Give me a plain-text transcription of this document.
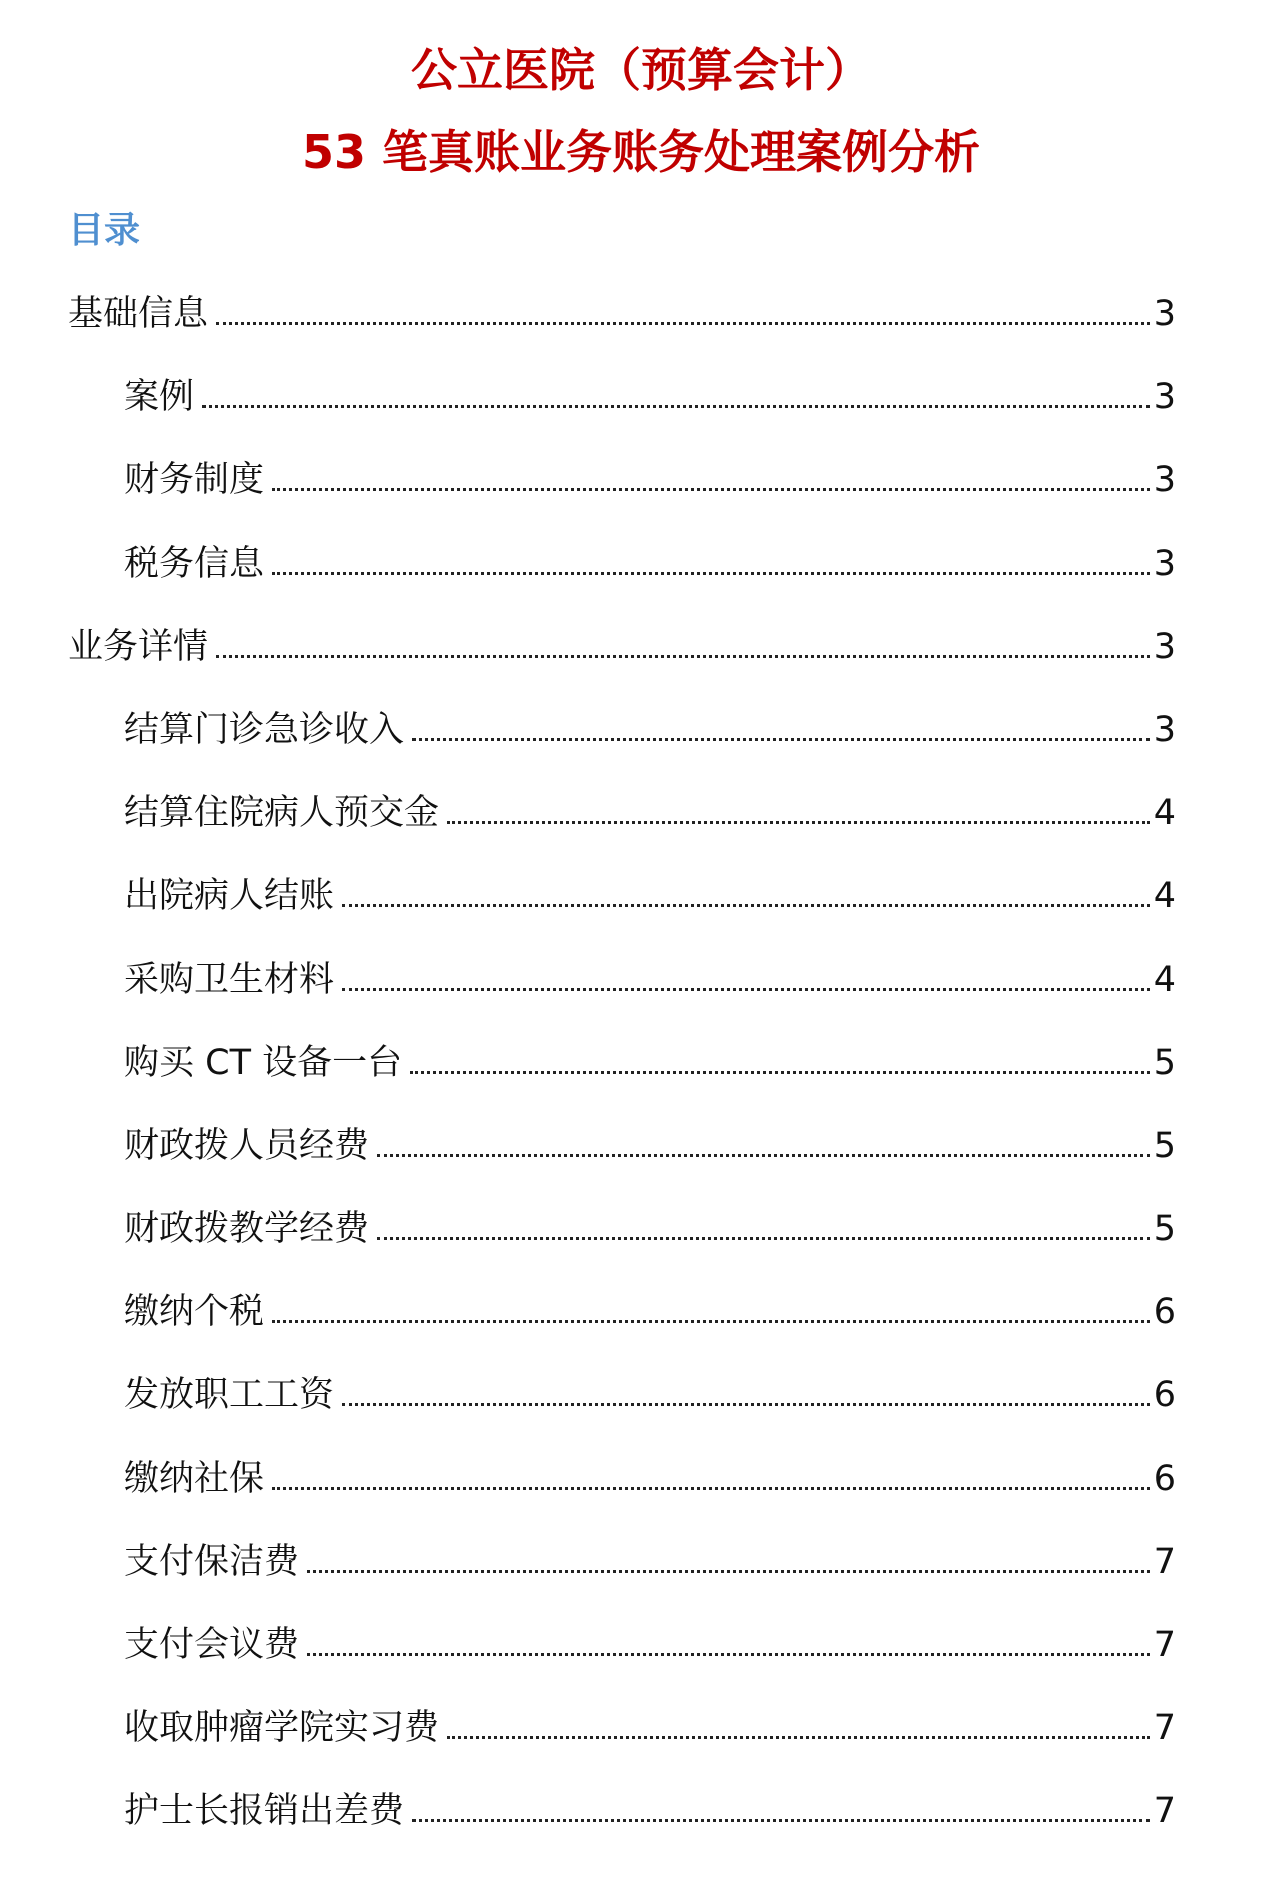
公立医院（预算会计）
53 笔真账业务账务处理案例分析
目录
基础信息	3
案例	3
财务制度	3
税务信息	3
业务详情	3
结算门诊急诊收入	3
结算住院病人预交金	4
出院病人结账	4
采购卫生材料	4
购买 CT 设备一台	5
财政拨人员经费	5
财政拨教学经费	5
缴纳个税	6
发放职工工资	6
缴纳社保	6
支付保洁费	7
支付会议费	7
收取肿瘤学院实习费	7
护士长报销出差费	7
